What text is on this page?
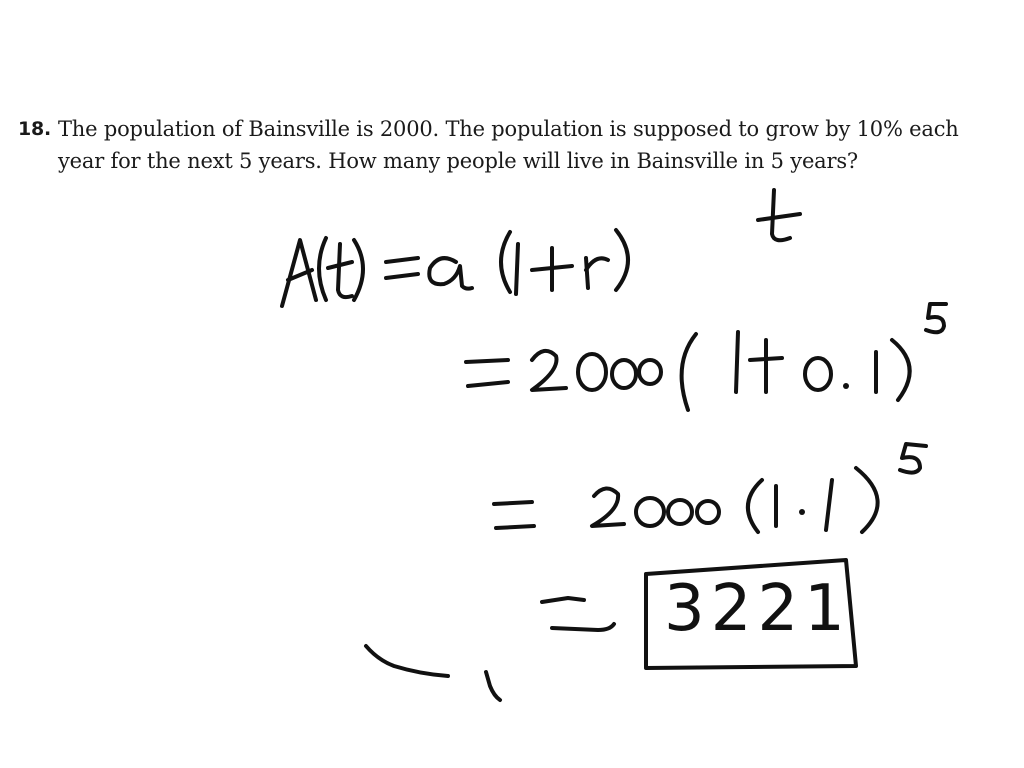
18. The population of Bainsville is 2000. The population is supposed to grow by 10% each
year for the next 5 years. How many people will live in Bainsville in 5 years?
3221
